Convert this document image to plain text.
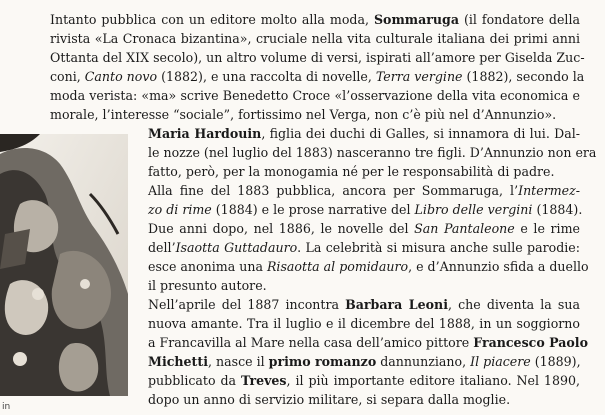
Intanto pubblica con un editore molto alla moda, Sommaruga (il fondatore della
rivista «La Cronaca bizantina», cruciale nella vita culturale italiana dei primi anni
Ottanta del XIX secolo), un altro volume di versi, ispirati all’amore per Giselda Zuc-
coni, Canto novo (1882), e una raccolta di novelle, Terra vergine (1882), secondo la
moda verista: «ma» scrive Benedetto Croce «l’osservazione della vita economica e
morale, l’interesse “sociale”, fortissimo nel Verga, non c’è più nel d’Annunzio».

Maria Hardouin, figlia dei duchi di Galles, si innamora di lui. Dal-
le nozze (nel luglio del 1883) nasceranno tre figli. D’Annunzio non era
fatto, però, per la monogamia né per le responsabilità di padre.

Alla fine del 1883 pubblica, ancora per Sommaruga, l’Intermez-
zo di rime (1884) e le prose narrative del Libro delle vergini (1884).
Due anni dopo, nel 1886, le novelle del San Pantaleone e le rime
dell’Isaotta Guttadauro. La celebrità si misura anche sulle parodie:
esce anonima una Risaotta al pomidauro, e d’Annunzio sfida a duello
il presunto autore.

Nell’aprile del 1887 incontra Barbara Leoni, che diventa la sua
nuova amante. Tra il luglio e il dicembre del 1888, in un soggiorno
a Francavilla al Mare nella casa dell’amico pittore Francesco Paolo
Michetti, nasce il primo romanzo dannunziano, Il piacere (1889),
pubblicato da Treves, il più importante editore italiano. Nel 1890,
dopo un anno di servizio militare, si separa dalla moglie.

in
